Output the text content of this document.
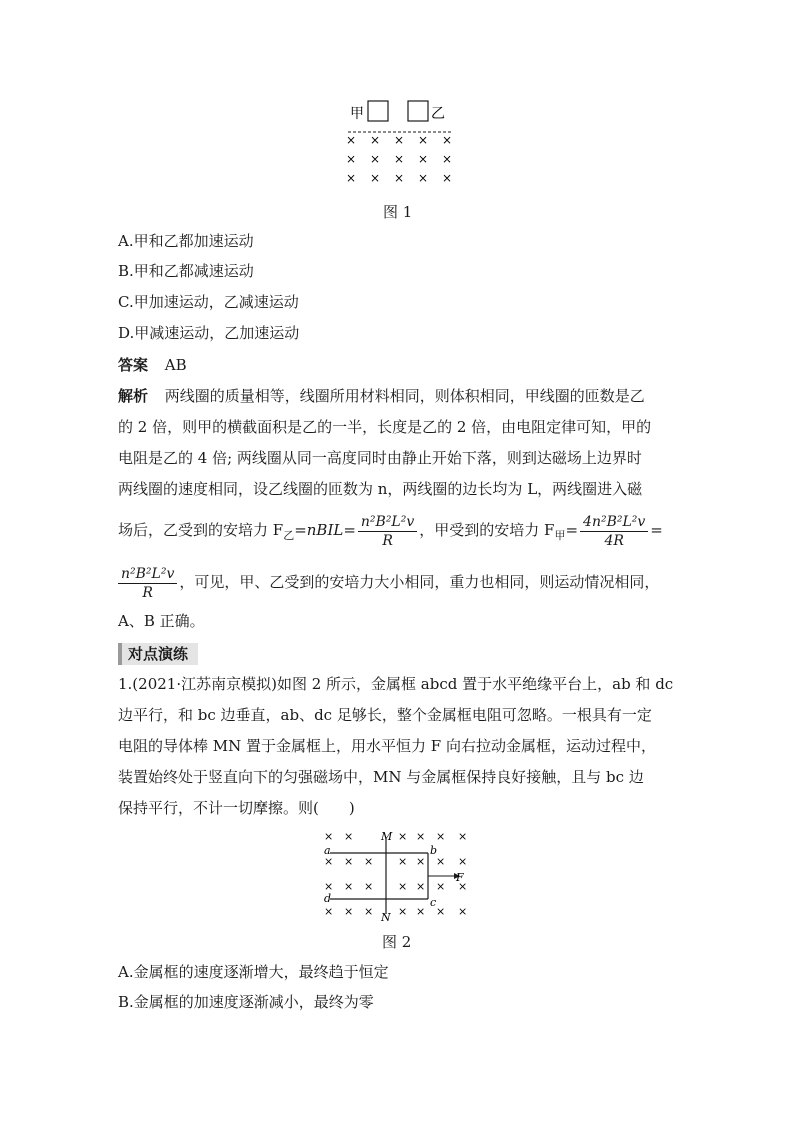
甲	乙
× × × × ×
× × × × ×
× × × × ×
图 1
A.甲和乙都加速运动
B.甲和乙都减速运动
C.甲加速运动，乙减速运动
D.甲减速运动，乙加速运动
答案 AB
解析 两线圈的质量相等，线圈所用材料相同，则体积相同，甲线圈的匝数是乙
的 2 倍，则甲的横截面积是乙的一半，长度是乙的 2 倍，由电阻定律可知，甲的
电阻是乙的 4 倍; 两线圈从同一高度同时由静止开始下落，则到达磁场上边界时
两线圈的速度相同，设乙线圈的匝数为 n，两线圈的边长均为 L，两线圈进入磁
场后，乙受到的安培力 $F_乙=nBIL= \frac{\text{n²B²L²v}}{R}$ ，甲受到的安培力 $F_甲= \frac{\text{4n²B²L²v}}{4R}$ =
$\frac{\text{n²B²L²v}}{R}$ ，可见，甲、乙受到的安培力大小相同，重力也相同，则运动情况相同，
A、B 正确。
对点演练
1.(2021·江苏南京模拟)如图 2 所示，金属框 abcd 置于水平绝缘平台上，ab 和 dc
边平行，和 bc 边垂直，ab、dc 足够长，整个金属框电阻可忽略。一根具有一定
电阻的导体棒 MN 置于金属框上，用水平恒力 F 向右拉动金属框，运动过程中，
装置始终处于竖直向下的匀强磁场中，MN 与金属框保持良好接触，且与 bc 边
保持平行，不计一切摩擦。则(　　)
× ×	× × × ×
× × × × × × ×
× × × × × × ×
× × × × × × ×
a	b
c
d
M
N
F
图 2
A.金属框的速度逐渐增大，最终趋于恒定
B.金属框的加速度逐渐减小，最终为零
